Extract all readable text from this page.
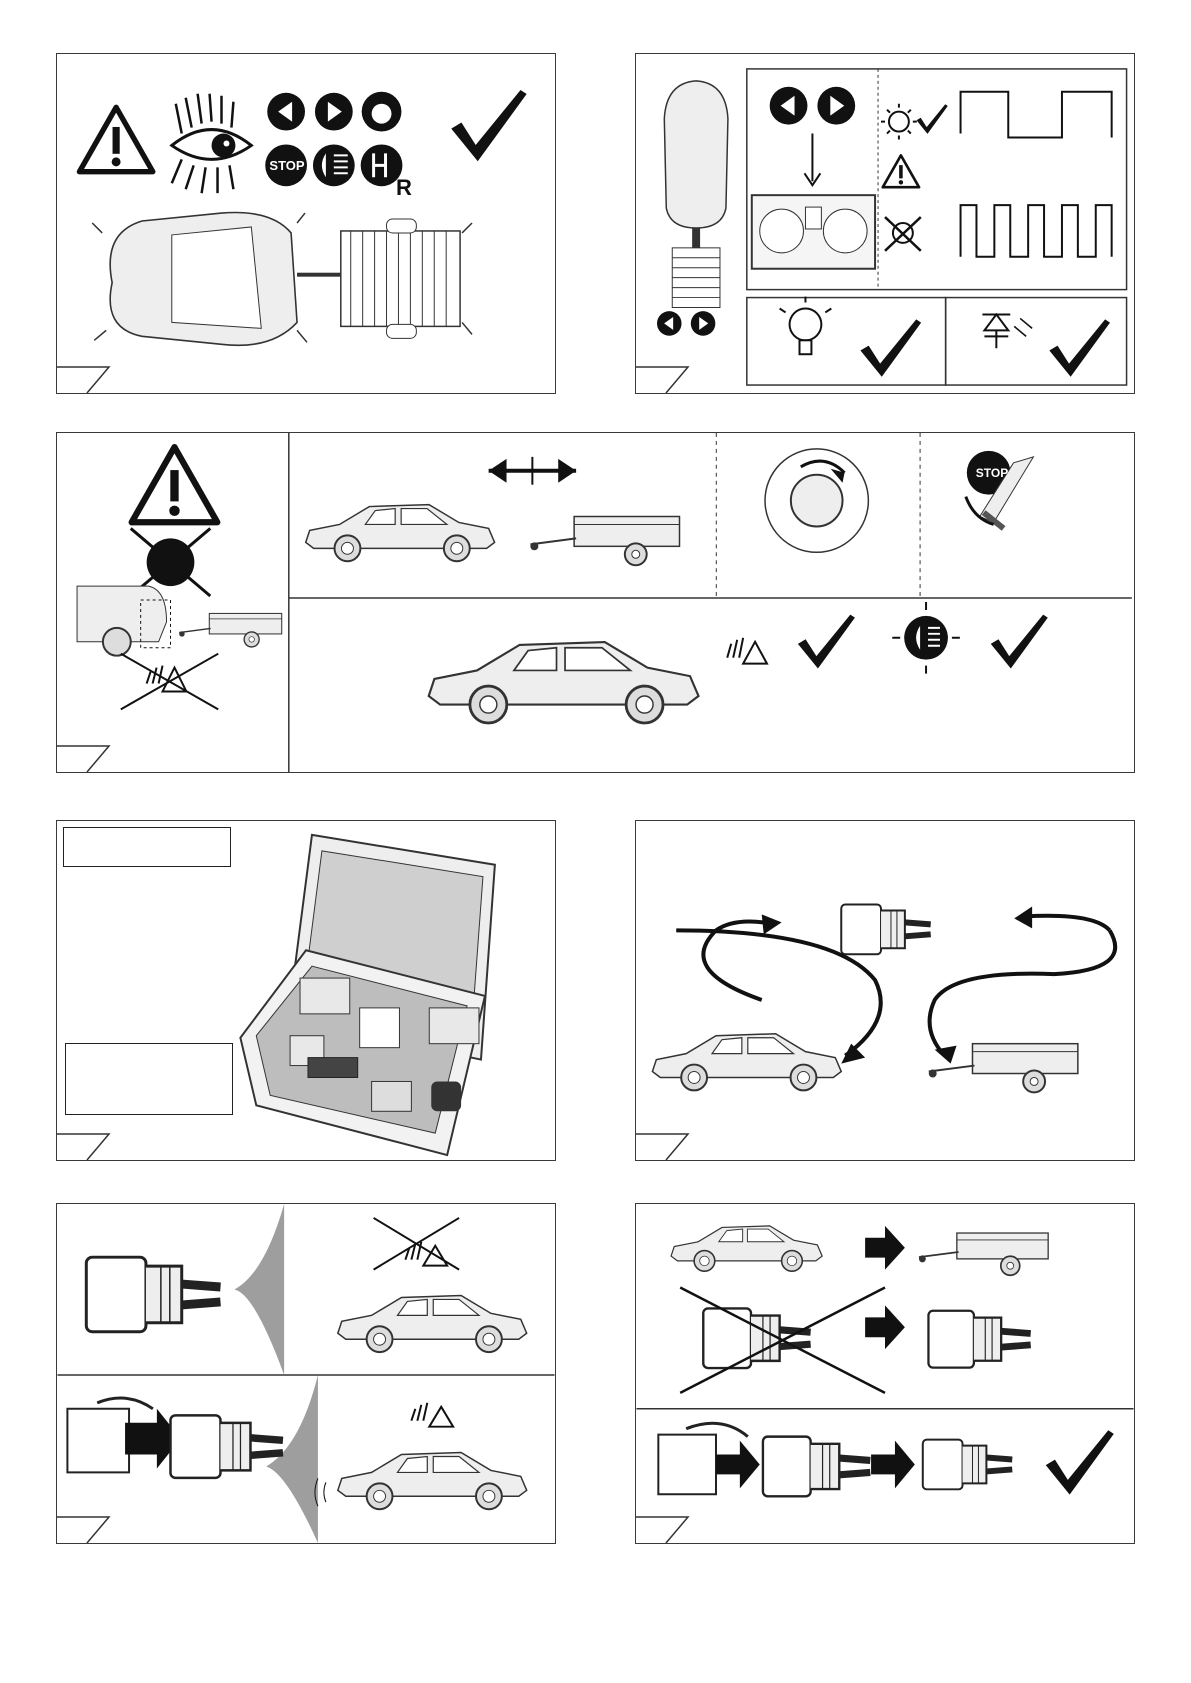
STOP
R
STOP
